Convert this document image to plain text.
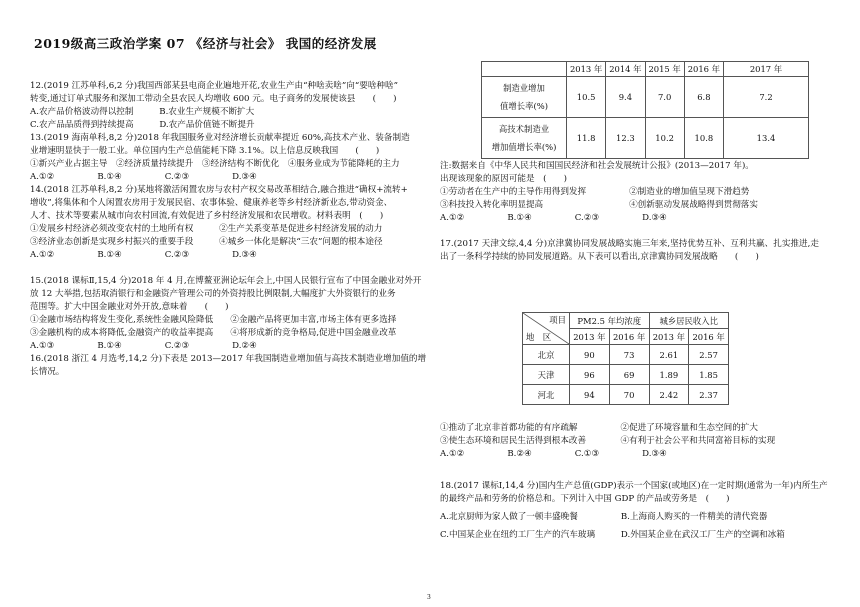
2019级高三政治学案 07 《经济与社会》 我国的经济发展
12.(2019 江苏单科,6,2 分)我国西部某县电商企业遍地开花,农业生产由“种啥卖啥”向“要啥种啥”
转变,通过订单式服务和深加工带动全县农民人均增收 600 元。电子商务的发展使该县　　(　　)
A.农产品价格波动得以控制　　　B.农业生产规模不断扩大
C.农产品品质得到持续提高　　　D.农产品价值链不断提升
13.(2019 海南单科,8,2 分)2018 年我国服务业对经济增长贡献率提近 60%,高技术产业、装备制造
业增速明显快于一般工业。单位国内生产总值能耗下降 3.1%。以上信息反映我国　　(　　)
①新兴产业占据主导　②经济质量持续提升　③经济结构不断优化　④服务业成为节能降耗的主力
A.①②　　　　　B.①④　　　　　C.②③　　　　　D.③④
14.(2018 江苏单科,8,2 分)某地将激活闲置农房与农村产权交易改革相结合,融合推进“确权+流转+
增收”,将集体和个人闲置农房用于发展民宿、农事体验、健康养老等乡村经济新业态,带动资金、
人才、技术等要素从城市向农村回流,有效促进了乡村经济发展和农民增收。材料表明　(　　)
①发展乡村经济必须改变农村的土地所有权　　　②生产关系变革是促进乡村经济发展的动力
③经济业态创新是实现乡村振兴的重要手段　　　④城乡一体化是解决“三农”问题的根本途径
A.①②　　　　　B.①④　　　　　C.②③　　　　　D.③④
15.(2018 课标Ⅱ,15,4 分)2018 年 4 月,在博鳌亚洲论坛年会上,中国人民银行宣布了中国金融业对外开
放 12 大举措,包括取消银行和金融资产管理公司的外资持股比例限制,大幅度扩大外资银行的业务
范围等。扩大中国金融业对外开放,意味着　　(　　)
①金融市场结构将发生变化,系统性金融风险降低　　②金融产品将更加丰富,市场主体有更多选择
③金融机构的成本将降低,金融资产的收益率提高　　④将形成新的竞争格局,促进中国金融业改革
A.①③　　　　　B.①④　　　　　C.②③　　　　　D.②④
16.(2018 浙江 4 月选考,14,2 分)下表是 2013—2017 年我国制造业增加值与高技术制造业增加值的增
长情况。
	2013 年	2014 年	2015 年	2016 年	2017 年
制造业增加
值增长率(%)	10.5	9.4	7.0	6.8	7.2
高技术制造业
增加值增长率(%)	11.8	12.3	10.2	10.8	13.4
注:数据来自《中华人民共和国国民经济和社会发展统计公报》(2013—2017 年)。
出现该现象的原因可能是　(　　)
①劳动者在生产中的主导作用得到发挥　　　　　②制造业的增加值呈现下滑趋势
③科技投入转化率明显提高　　　　　　　　　　④创新驱动发展战略得到贯彻落实
A.①②　　　　　B.①④　　　　　C.②③　　　　　D.③④
17.(2017 天津文综,4,4 分)京津冀协同发展战略实施三年来,坚持优势互补、互利共赢、扎实推进,走
出了一条科学持续的协同发展道路。从下表可以看出,京津冀协同发展战略　　(　　)
项目
地　区	PM2.5 年均浓度		城乡居民收入比	
	2013 年	2016 年	2013 年	2016 年
北京	90	73	2.61	2.57
天津	96	69	1.89	1.85
河北	94	70	2.42	2.37
①推动了北京非首都功能的有序疏解　　　　　②促进了环境容量和生态空间的扩大
③使生态环境和居民生活得到根本改善　　　　④有利于社会公平和共同富裕目标的实现
A.①②　　　　　B.②④　　　　　C.①③　　　　　D.③④
18.(2017 课标Ⅰ,14,4 分)国内生产总值(GDP)表示一个国家(或地区)在一定时期(通常为一年)内所生产
的最终产品和劳务的价格总和。下列计入中国 GDP 的产品或劳务是　(　　)
A.北京厨师为家人做了一顿丰盛晚餐　　　　　B.上海商人购买的一件精美的清代瓷器
C.中国某企业在纽约工厂生产的汽车玻璃　　　D.外国某企业在武汉工厂生产的空调和冰箱
3
